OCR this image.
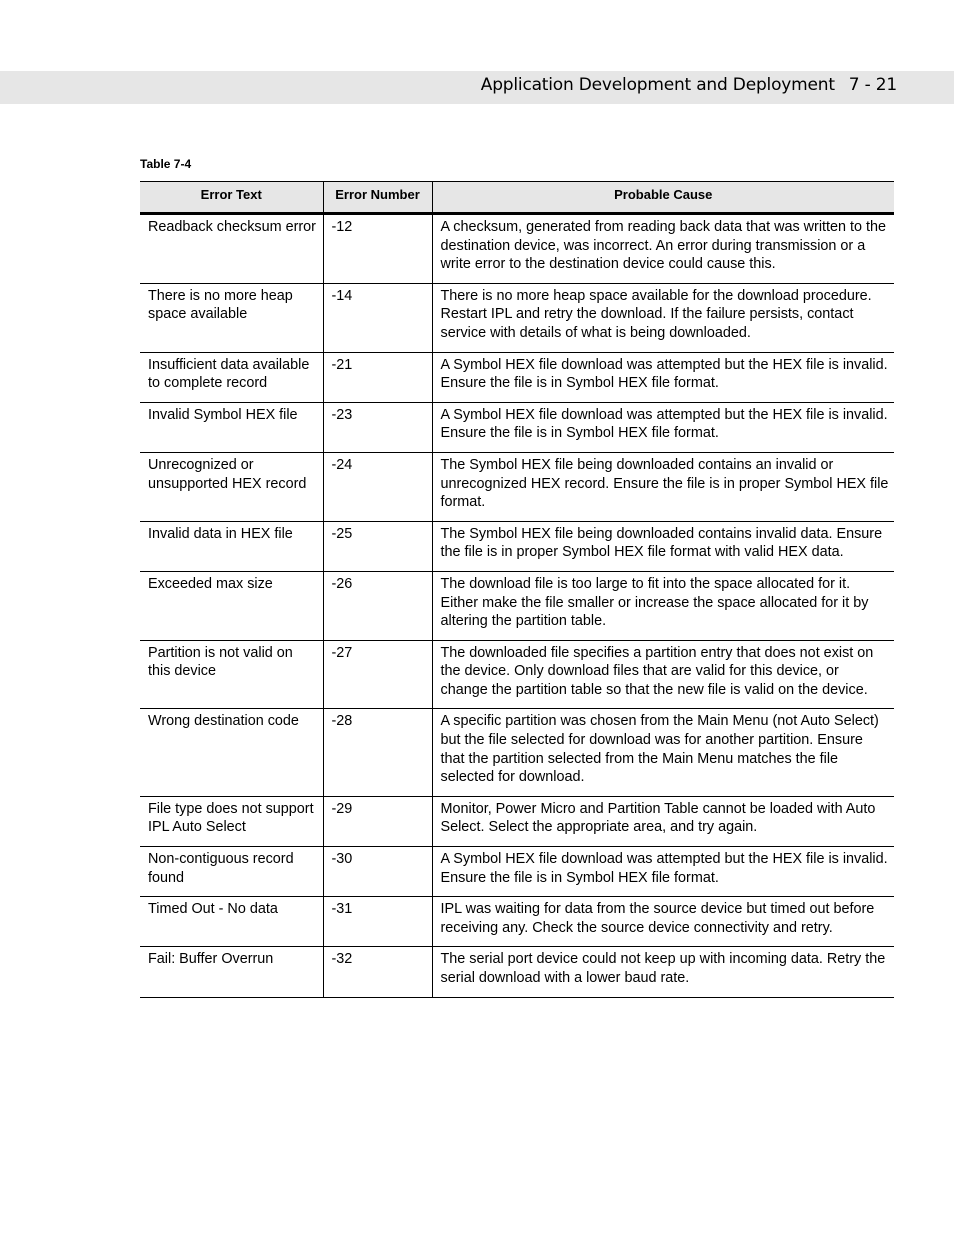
Application Development and Deployment 7 - 21
Table 7-4
Error Text	Error Number	Probable Cause
Readback checksum error	-12	A checksum, generated from reading back data that was written to the destination device, was incorrect. An error during transmission or a write error to the destination device could cause this.
There is no more heap space available	-14	There is no more heap space available for the download procedure. Restart IPL and retry the download. If the failure persists, contact service with details of what is being downloaded.
Insufficient data available to complete record	-21	A Symbol HEX file download was attempted but the HEX file is invalid. Ensure the file is in Symbol HEX file format.
Invalid Symbol HEX file	-23	A Symbol HEX file download was attempted but the HEX file is invalid. Ensure the file is in Symbol HEX file format.
Unrecognized or unsupported HEX record	-24	The Symbol HEX file being downloaded contains an invalid or unrecognized HEX record. Ensure the file is in proper Symbol HEX file format.
Invalid data in HEX file	-25	The Symbol HEX file being downloaded contains invalid data. Ensure the file is in proper Symbol HEX file format with valid HEX data.
Exceeded max size	-26	The download file is too large to fit into the space allocated for it. Either make the file smaller or increase the space allocated for it by altering the partition table.
Partition is not valid on this device	-27	The downloaded file specifies a partition entry that does not exist on the device. Only download files that are valid for this device, or change the partition table so that the new file is valid on the device.
Wrong destination code	-28	A specific partition was chosen from the Main Menu (not Auto Select) but the file selected for download was for another partition. Ensure that the partition selected from the Main Menu matches the file selected for download.
File type does not support IPL Auto Select	-29	Monitor, Power Micro and Partition Table cannot be loaded with Auto Select. Select the appropriate area, and try again.
Non-contiguous record found	-30	A Symbol HEX file download was attempted but the HEX file is invalid. Ensure the file is in Symbol HEX file format.
Timed Out - No data	-31	IPL was waiting for data from the source device but timed out before receiving any. Check the source device connectivity and retry.
Fail: Buffer Overrun	-32	The serial port device could not keep up with incoming data. Retry the serial download with a lower baud rate.
